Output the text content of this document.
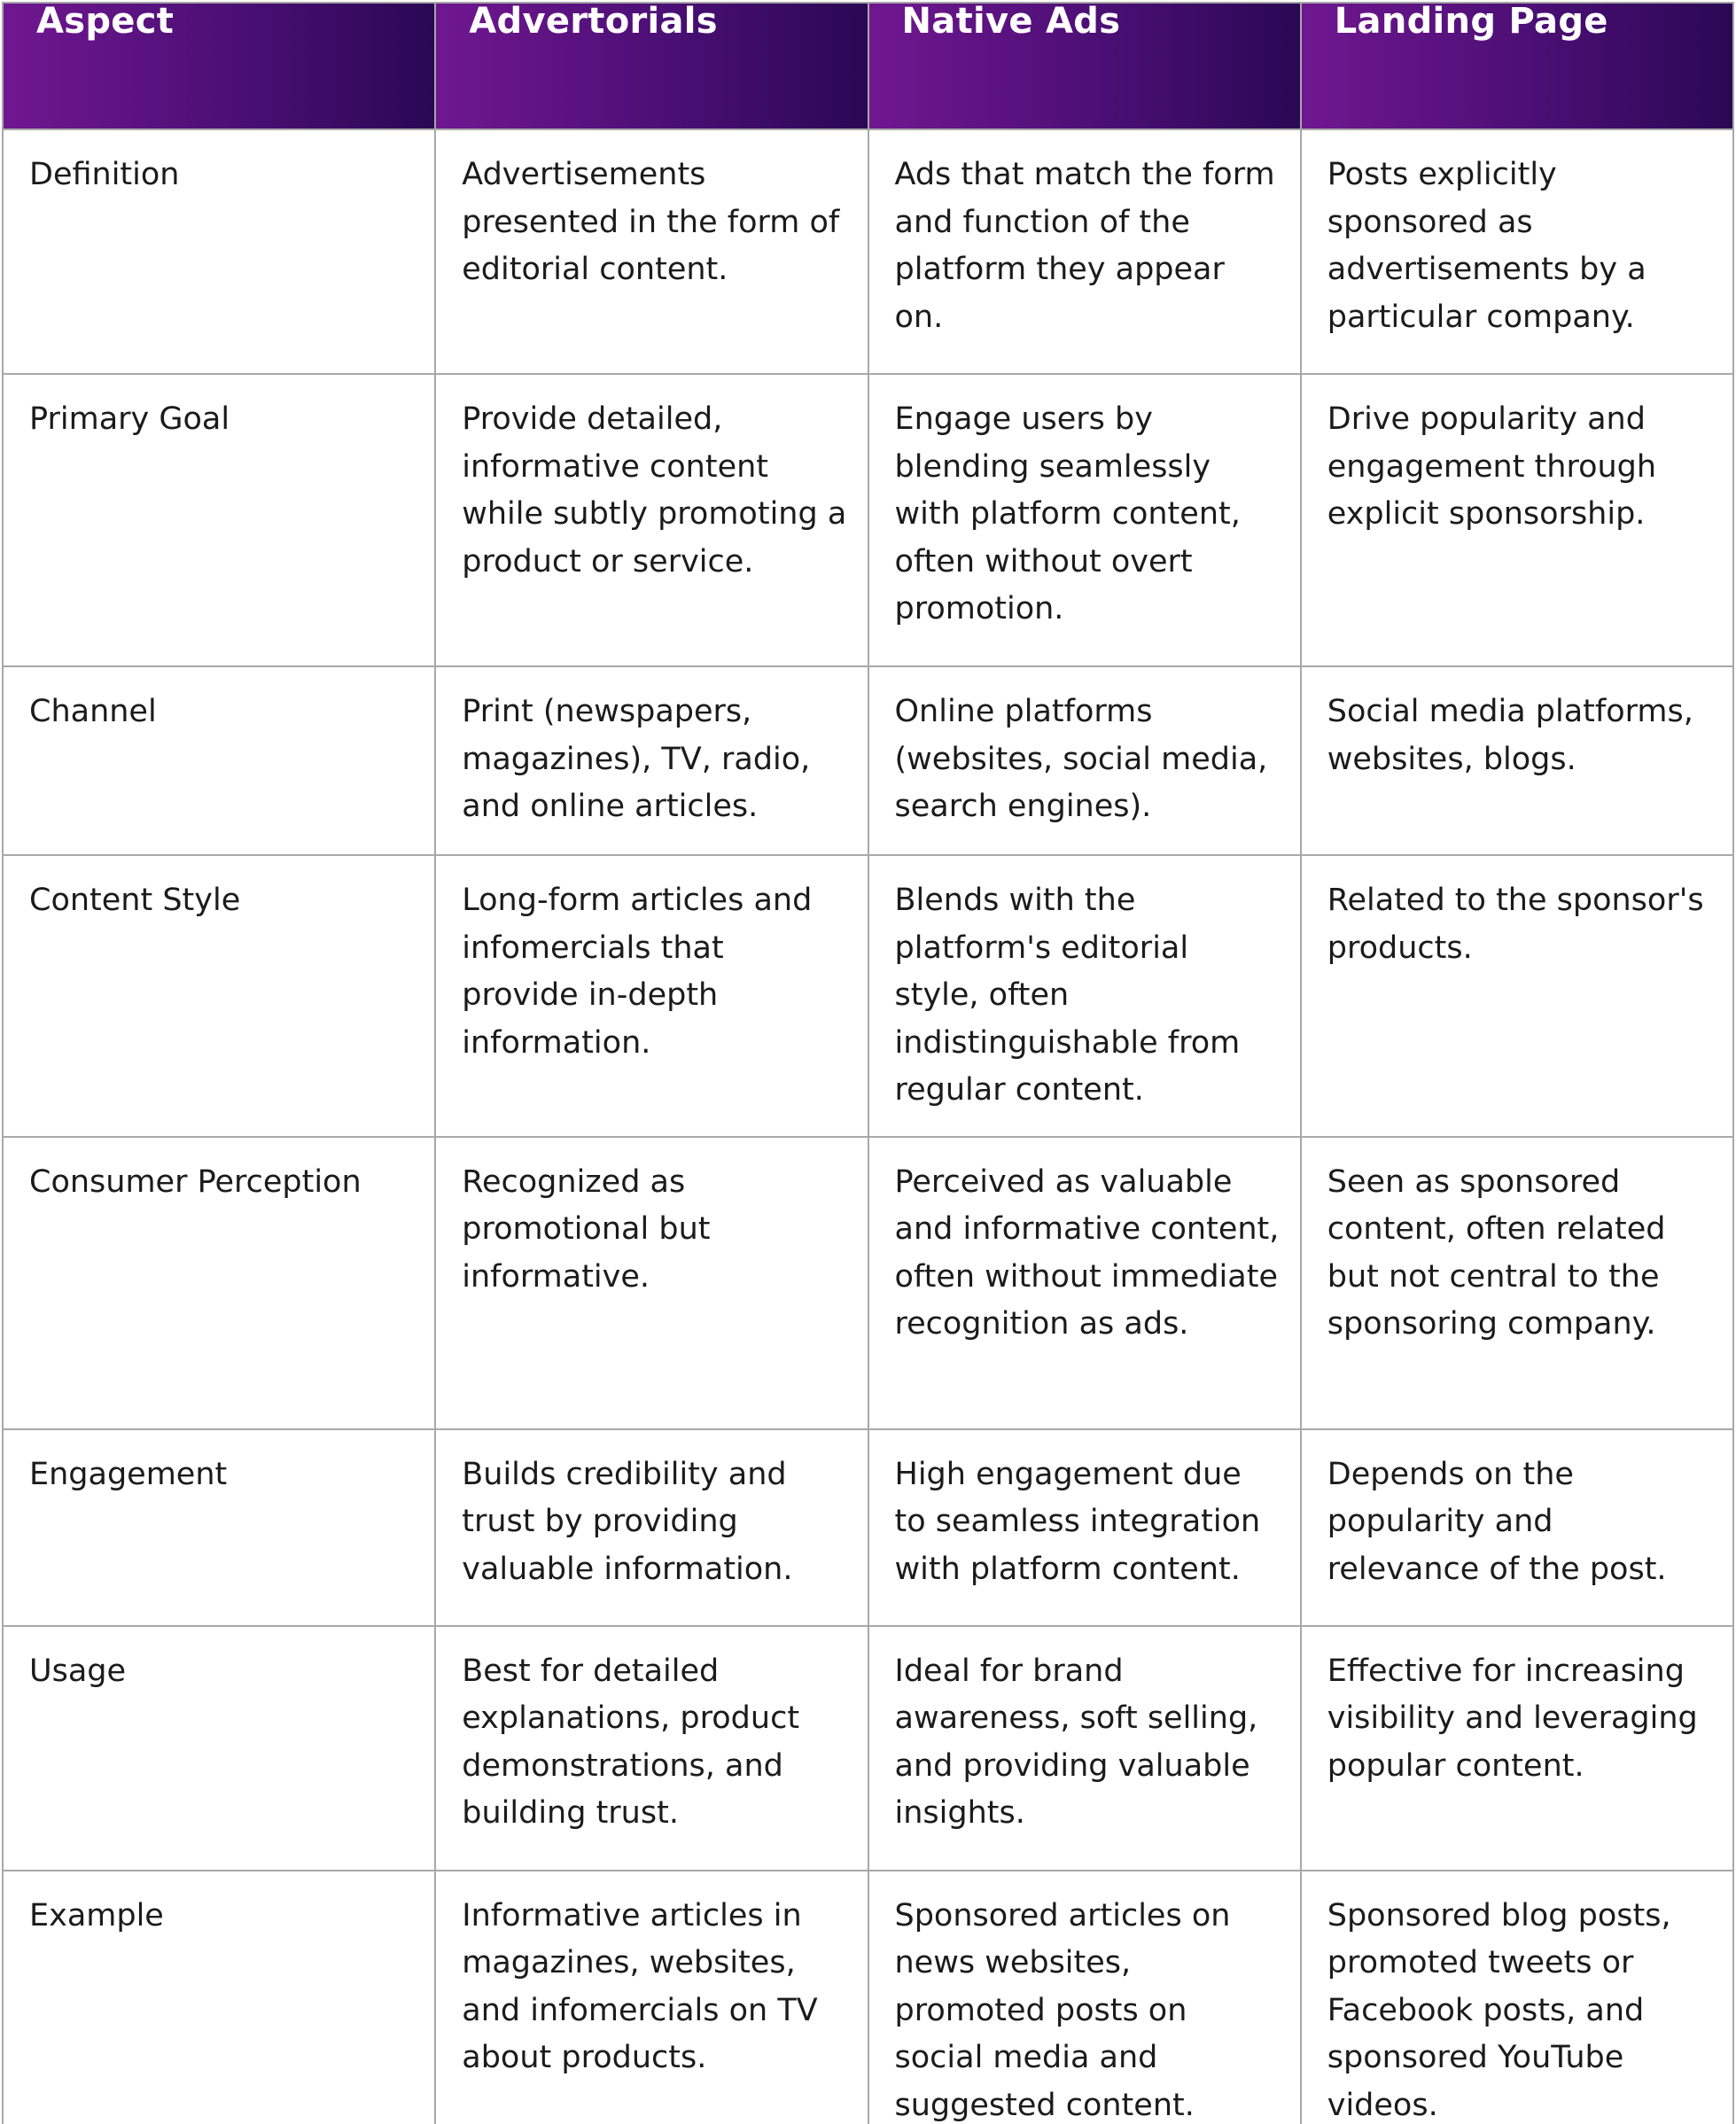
Aspect	Advertorials	Native Ads	Landing Page
Definition	Advertisements presented in the form of editorial content.	Ads that match the form and function of the platform they appear on.	Posts explicitly sponsored as advertisements by a particular company.
Primary Goal	Provide detailed, informative content while subtly promoting a product or service.	Engage users by blending seamlessly with platform content, often without overt promotion.	Drive popularity and engagement through explicit sponsorship.
Channel	Print (newspapers, magazines), TV, radio, and online articles.	Online platforms (websites, social media, search engines).	Social media platforms, websites, blogs.
Content Style	Long-form articles and infomercials that provide in-depth information.	Blends with the platform's editorial style, often indistinguishable from regular content.	Related to the sponsor's products.
Consumer Perception	Recognized as promotional but informative.	Perceived as valuable and informative content, often without immediate recognition as ads.	Seen as sponsored content, often related but not central to the sponsoring company.
Engagement	Builds credibility and trust by providing valuable information.	High engagement due to seamless integration with platform content.	Depends on the popularity and relevance of the post.
Usage	Best for detailed explanations, product demonstrations, and building trust.	Ideal for brand awareness, soft selling, and providing valuable insights.	Effective for increasing visibility and leveraging popular content.
Example	Informative articles in magazines, websites, and infomercials on TV about products.	Sponsored articles on news websites, promoted posts on social media and suggested content.	Sponsored blog posts, promoted tweets or Facebook posts, and sponsored YouTube videos.
